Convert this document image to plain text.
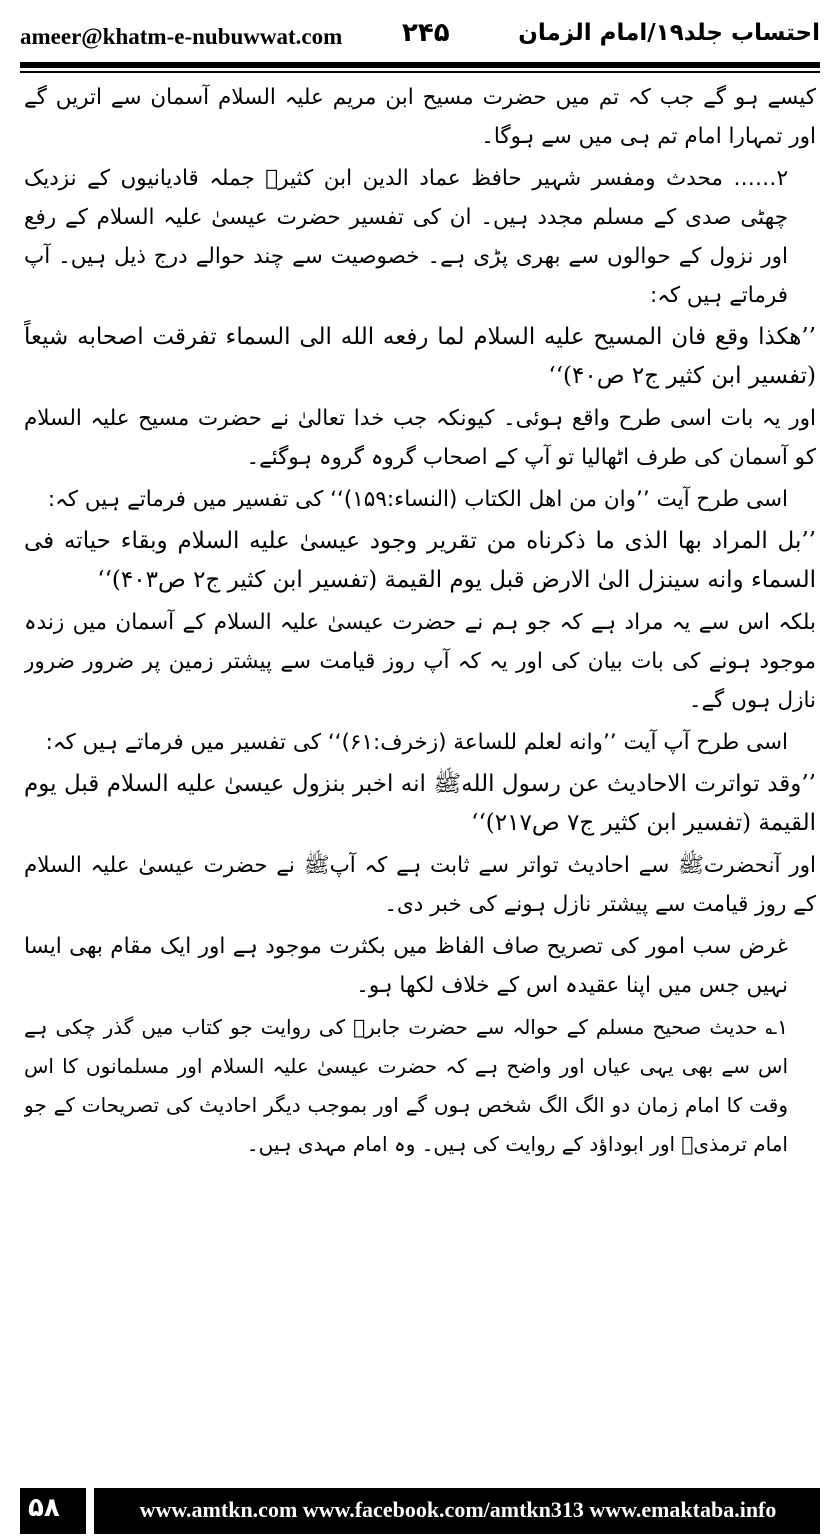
ameer@khatm-e-nubuwwat.com ۲۴۵	احتساب جلد۱۹/امام الزمان

کیسے ہو گے جب کہ تم میں حضرت مسیح ابن مریم علیہ السلام آسمان سے اتریں گے اور تمہارا امام تم ہی میں سے ہوگا۔

۲…… محدث ومفسر شہیر حافظ عماد الدین ابن کثیرؒ جملہ قادیانیوں کے نزدیک چھٹی صدی کے مسلم مجدد ہیں۔ ان کی تفسیر حضرت عیسیٰ علیہ السلام کے رفع اور نزول کے حوالوں سے بھری پڑی ہے۔ خصوصیت سے چند حوالے درج ذیل ہیں۔ آپ فرماتے ہیں کہ:

’’ھکذا وقع فان المسیح علیه السلام لما رفعه الله الی السماء تفرقت اصحابه شیعاً (تفسیر ابن کثیر ج۲ ص۴۰)‘‘

اور یہ بات اسی طرح واقع ہوئی۔ کیونکہ جب خدا تعالیٰ نے حضرت مسیح علیہ السلام کو آسمان کی طرف اٹھالیا تو آپ کے اصحاب گروہ گروہ ہوگئے۔

اسی طرح آیت ’’وان من اھل الکتاب (النساء:۱۵۹)‘‘ کی تفسیر میں فرماتے ہیں کہ:

’’بل المراد بھا الذی ما ذکرناه من تقریر وجود عیسیٰ علیه السلام وبقاء حیاته فی السماء وانه سینزل الیٰ الارض قبل یوم القیمة (تفسیر ابن کثیر ج۲ ص۴۰۳)‘‘

بلکہ اس سے یہ مراد ہے کہ جو ہم نے حضرت عیسیٰ علیہ السلام کے آسمان میں زندہ موجود ہونے کی بات بیان کی اور یہ کہ آپ روز قیامت سے پیشتر زمین پر ضرور ضرور نازل ہوں گے۔

اسی طرح آپ آیت ’’وانه لعلم للساعة (زخرف:۶۱)‘‘ کی تفسیر میں فرماتے ہیں کہ:

’’وقد تواترت الاحادیث عن رسول اللهﷺ انه اخبر بنزول عیسیٰ علیه السلام قبل یوم القیمة (تفسیر ابن کثیر ج۷ ص۲۱۷)‘‘

اور آنحضرتﷺ سے احادیث تواتر سے ثابت ہے کہ آپﷺ نے حضرت عیسیٰ علیہ السلام کے روز قیامت سے پیشتر نازل ہونے کی خبر دی۔

غرض سب امور کی تصریح صاف الفاظ میں بکثرت موجود ہے اور ایک مقام بھی ایسا نہیں جس میں اپنا عقیدہ اس کے خلاف لکھا ہو۔

۱؎ حدیث صحیح مسلم کے حوالہ سے حضرت جابرؓ کی روایت جو کتاب میں گذر چکی ہے اس سے بھی یہی عیاں اور واضح ہے کہ حضرت عیسیٰ علیہ السلام اور مسلمانوں کا اس وقت کا امام زمان دو الگ الگ شخص ہوں گے اور بموجب دیگر احادیث کی تصریحات کے جو امام ترمذیؒ اور ابوداؤد کے روایت کی ہیں۔ وہ امام مہدی ہیں۔

۵۸	www.amtkn.com www.facebook.com/amtkn313 www.emaktaba.info
